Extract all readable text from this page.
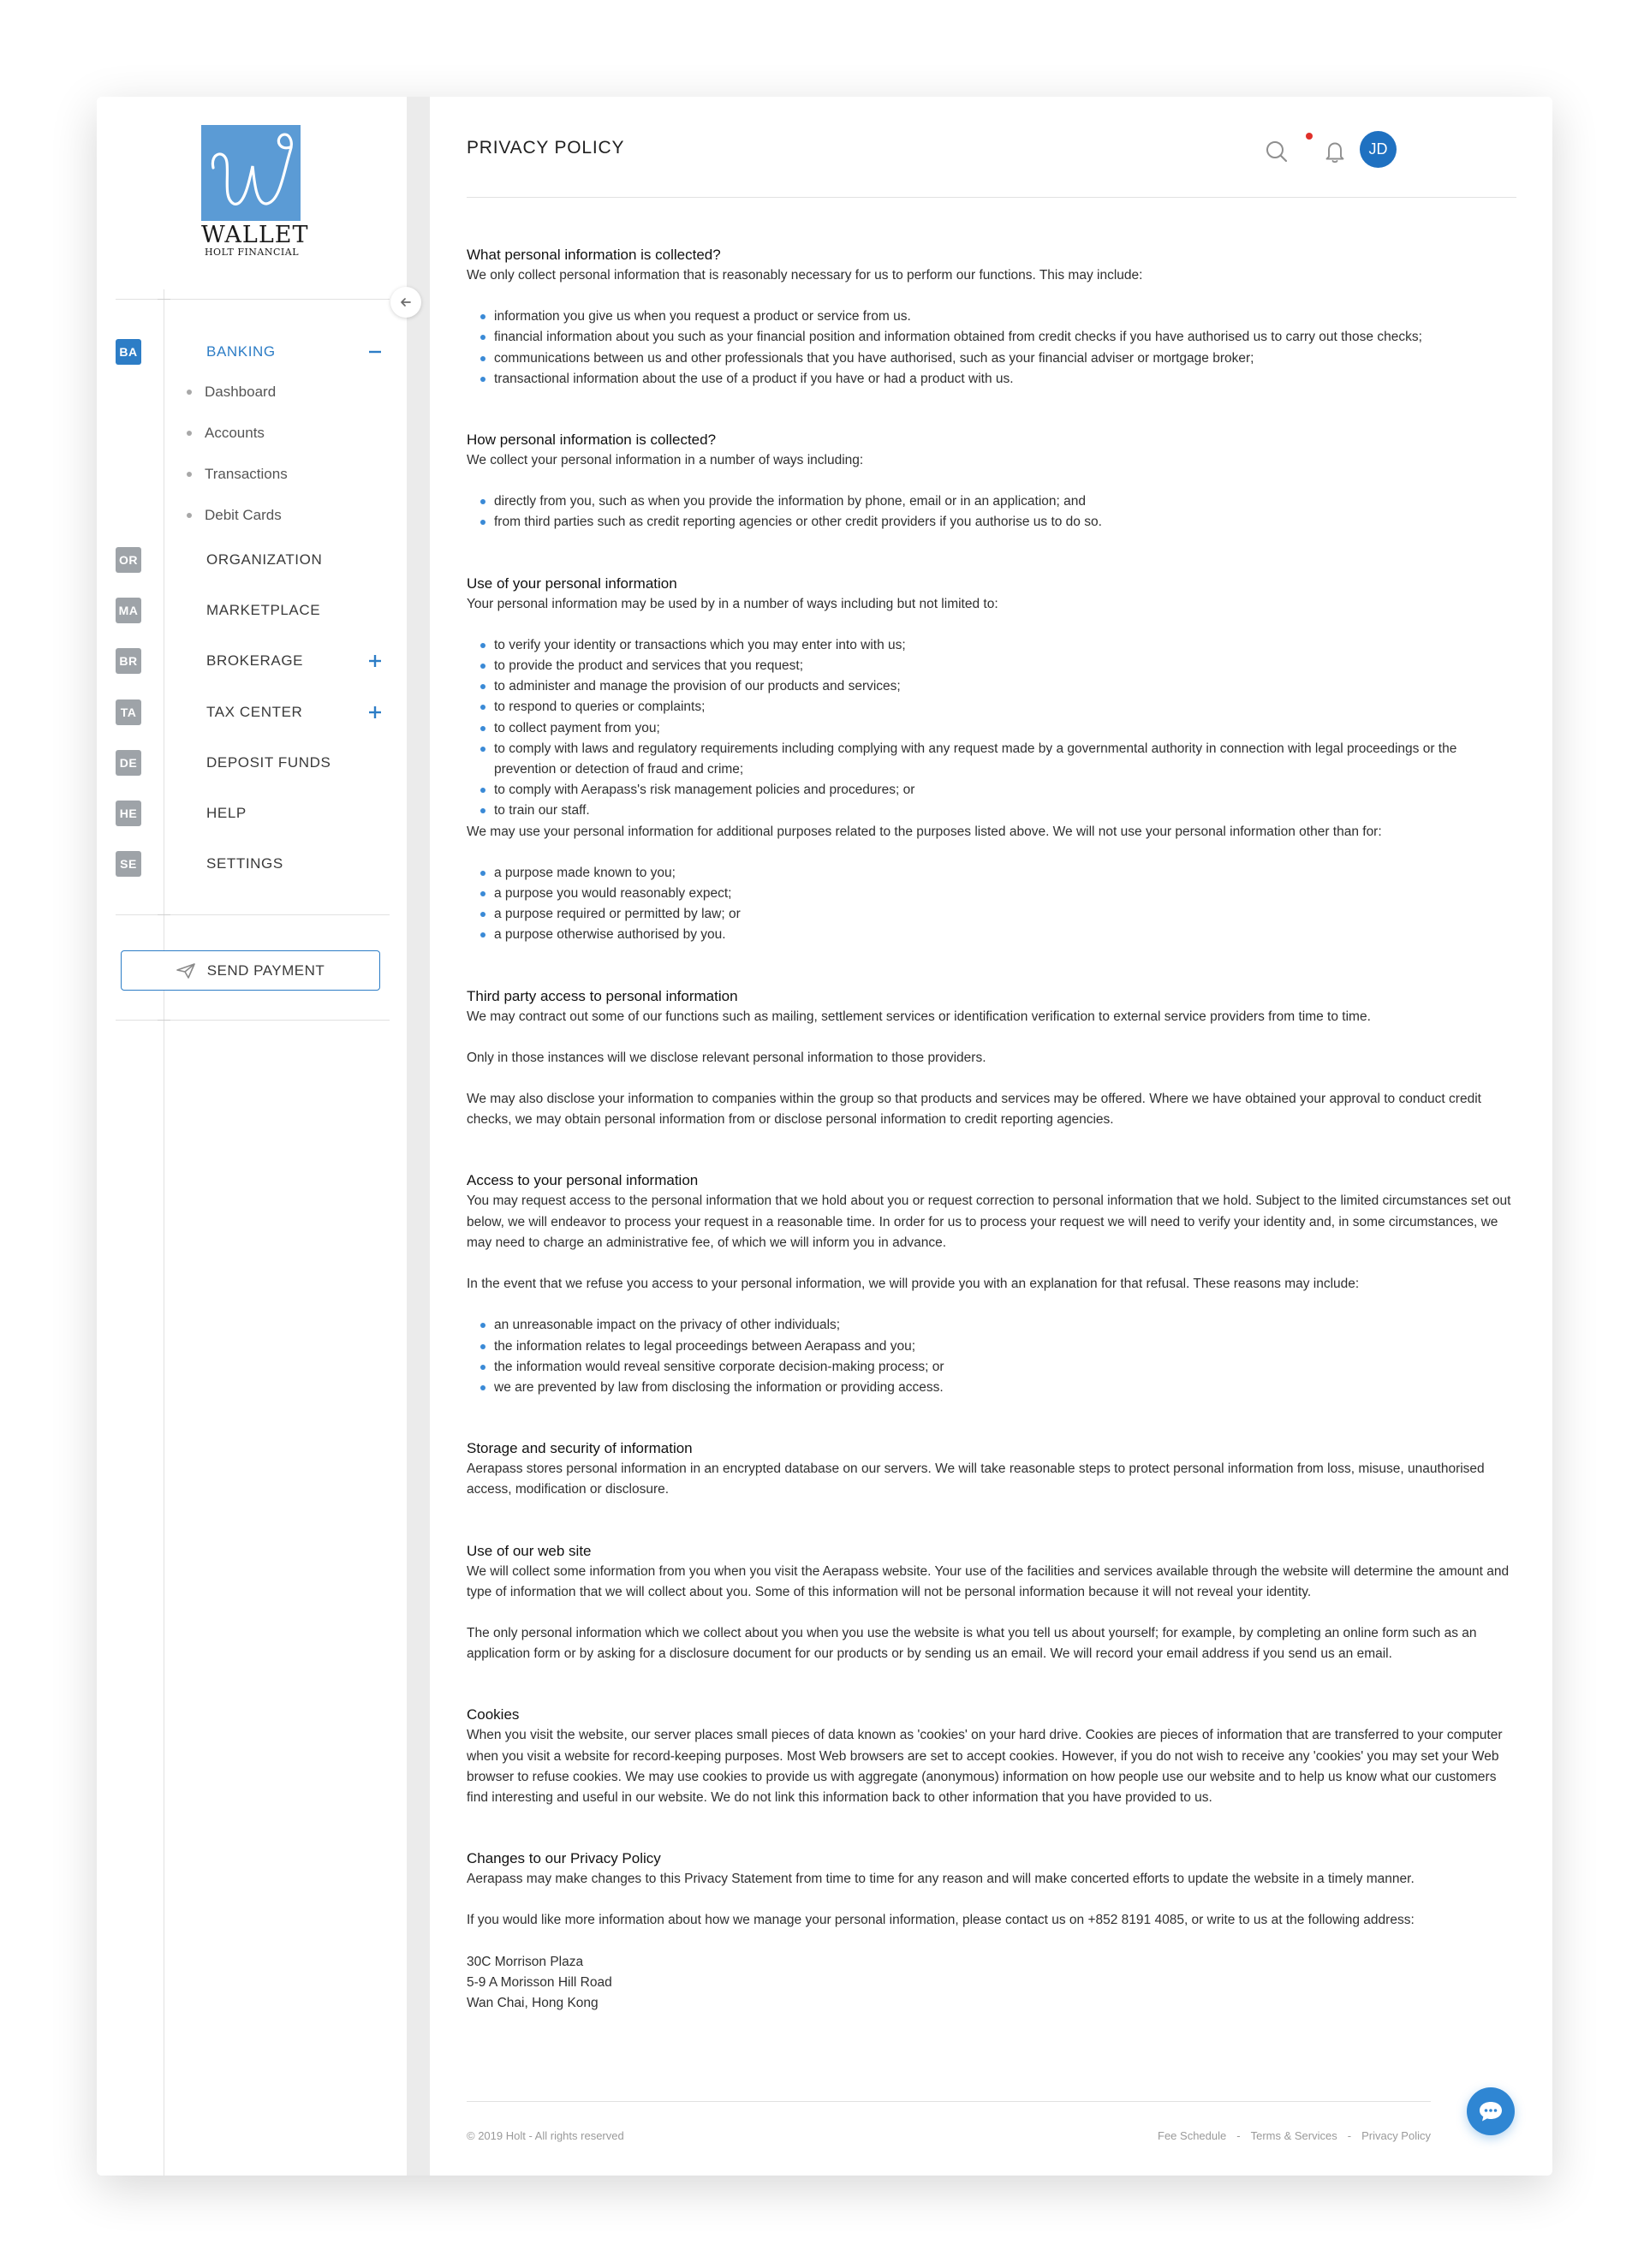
WALLET
HOLT FINANCIAL
BA	BANKING
Dashboard
Accounts
Transactions
Debit Cards
OR	ORGANIZATION
MA	MARKETPLACE
BR	BROKERAGE
TA	TAX CENTER
DE	DEPOSIT FUNDS
HE	HELP
SE	SETTINGS
SEND PAYMENT
PRIVACY POLICY	JD
What personal information is collected?

We only collect personal information that is reasonably necessary for us to perform our functions. This may include:

information you give us when you request a product or service from us.
financial information about you such as your financial position and information obtained from credit checks if you have authorised us to carry out those checks;
communications between us and other professionals that you have authorised, such as your financial adviser or mortgage broker;
transactional information about the use of a product if you have or had a product with us.
How personal information is collected?

We collect your personal information in a number of ways including:

directly from you, such as when you provide the information by phone, email or in an application; and
from third parties such as credit reporting agencies or other credit providers if you authorise us to do so.
Use of your personal information

Your personal information may be used by in a number of ways including but not limited to:

to verify your identity or transactions which you may enter into with us;
to provide the product and services that you request;
to administer and manage the provision of our products and services;
to respond to queries or complaints;
to collect payment from you;
to comply with laws and regulatory requirements including complying with any request made by a governmental authority in connection with legal proceedings or the prevention or detection of fraud and crime;
to comply with Aerapass's risk management policies and procedures; or
to train our staff.

We may use your personal information for additional purposes related to the purposes listed above. We will not use your personal information other than for:

a purpose made known to you;
a purpose you would reasonably expect;
a purpose required or permitted by law; or
a purpose otherwise authorised by you.
Third party access to personal information

We may contract out some of our functions such as mailing, settlement services or identification verification to external service providers from time to time.

Only in those instances will we disclose relevant personal information to those providers.

We may also disclose your information to companies within the group so that products and services may be offered. Where we have obtained your approval to conduct credit checks, we may obtain personal information from or disclose personal information to credit reporting agencies.

Access to your personal information

You may request access to the personal information that we hold about you or request correction to personal information that we hold. Subject to the limited circumstances set out below, we will endeavor to process your request in a reasonable time. In order for us to process your request we will need to verify your identity and, in some circumstances, we may need to charge an administrative fee, of which we will inform you in advance.

In the event that we refuse you access to your personal information, we will provide you with an explanation for that refusal. These reasons may include:

an unreasonable impact on the privacy of other individuals;
the information relates to legal proceedings between Aerapass and you;
the information would reveal sensitive corporate decision-making process; or
we are prevented by law from disclosing the information or providing access.
Storage and security of information

Aerapass stores personal information in an encrypted database on our servers. We will take reasonable steps to protect personal information from loss, misuse, unauthorised access, modification or disclosure.

Use of our web site

We will collect some information from you when you visit the Aerapass website. Your use of the facilities and services available through the website will determine the amount and type of information that we will collect about you. Some of this information will not be personal information because it will not reveal your identity.

The only personal information which we collect about you when you use the website is what you tell us about yourself; for example, by completing an online form such as an application form or by asking for a disclosure document for our products or by sending us an email. We will record your email address if you send us an email.

Cookies

When you visit the website, our server places small pieces of data known as 'cookies' on your hard drive. Cookies are pieces of information that are transferred to your computer when you visit a website for record-keeping purposes. Most Web browsers are set to accept cookies. However, if you do not wish to receive any 'cookies' you may set your Web browser to refuse cookies. We may use cookies to provide us with aggregate (anonymous) information on how people use our website and to help us know what our customers find interesting and useful in our website. We do not link this information back to other information that you have provided to us.

Changes to our Privacy Policy

Aerapass may make changes to this Privacy Statement from time to time for any reason and will make concerted efforts to update the website in a timely manner.

If you would like more information about how we manage your personal information, please contact us on +852 8191 4085, or write to us at the following address:

30C Morrison Plaza

5-9 A Morisson Hill Road

Wan Chai, Hong Kong

© 2019 Holt - All rights reserved	Fee Schedule - Terms & Services - Privacy Policy
